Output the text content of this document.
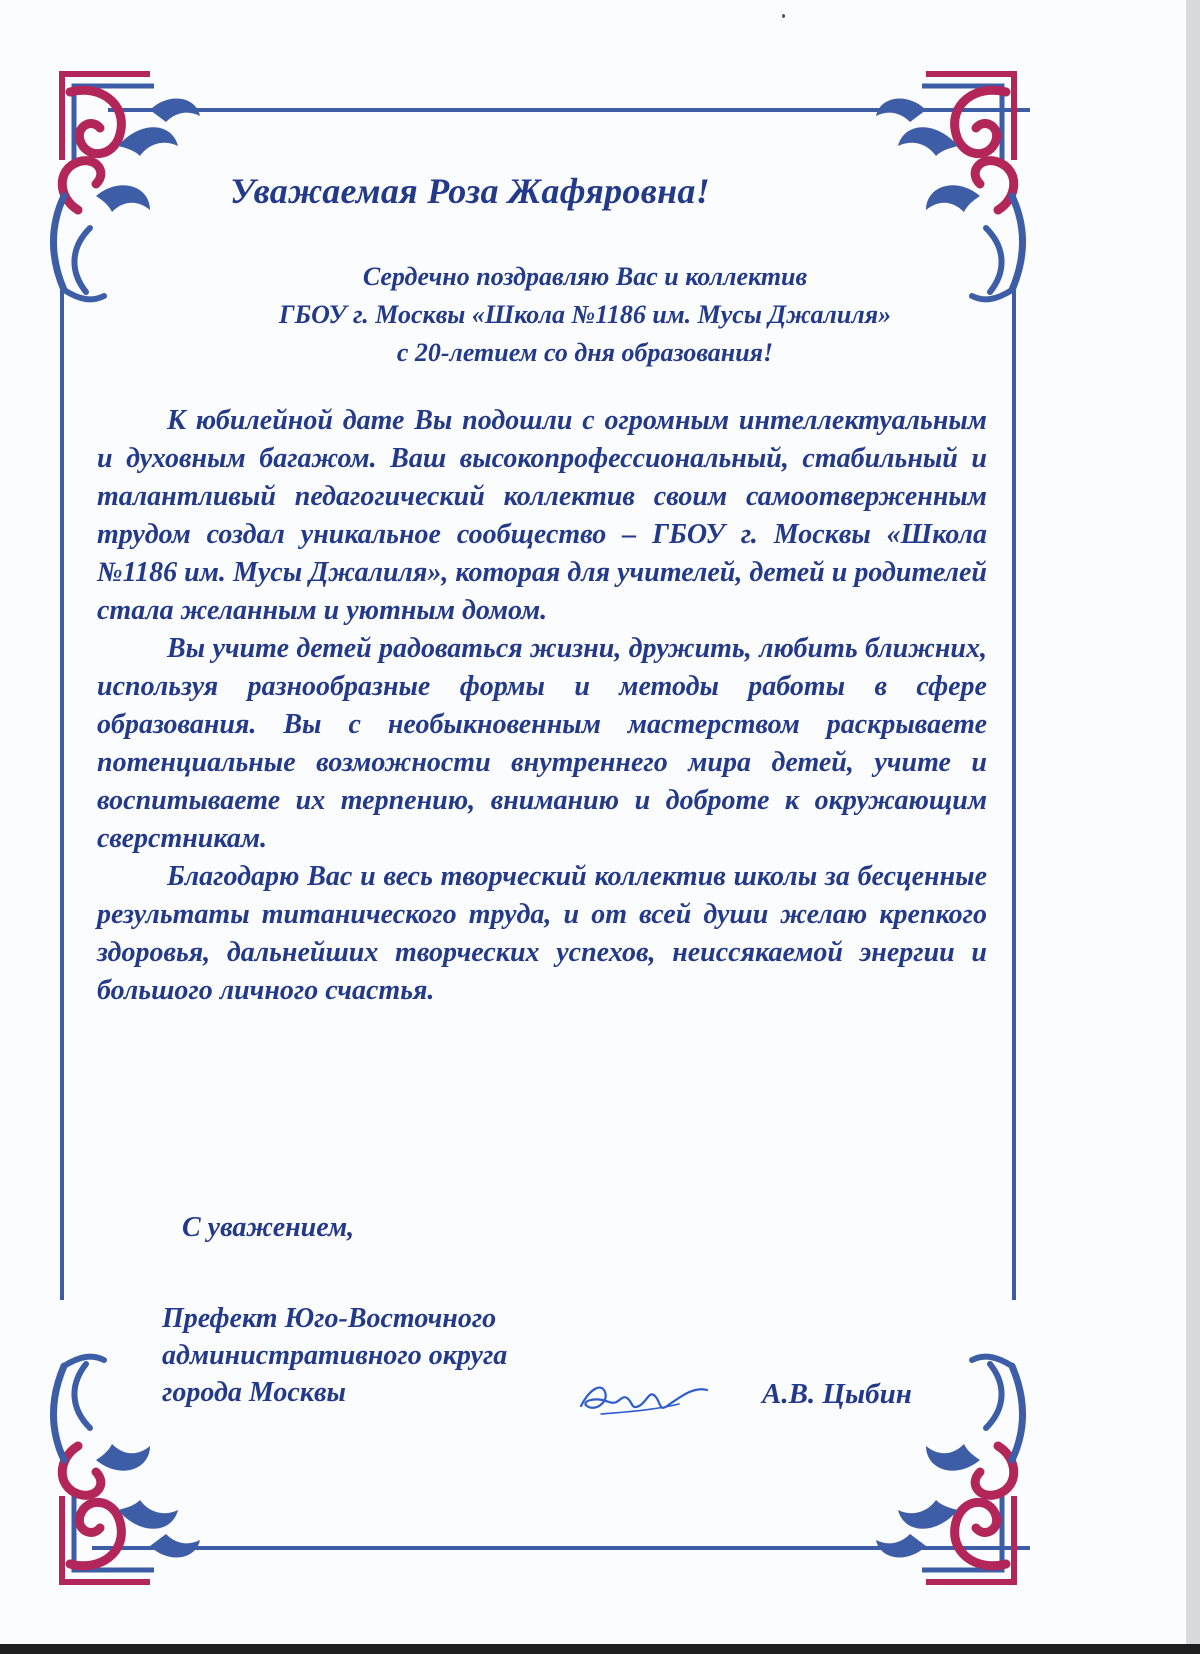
Уважаемая Роза Жафяровна!
Сердечно поздравляю Вас и коллектив
ГБОУ г. Москвы «Школа №1186 им. Мусы Джалиля»
с 20-летием со дня образования!

К юбилейной дате Вы подошли с огромным интеллектуальным и духовным багажом. Ваш высокопрофессиональный, стабильный и талантливый педагогический коллектив своим самоотверженным трудом создал уникальное сообщество – ГБОУ г. Москвы «Школа №1186 им. Мусы Джалиля», которая для учителей, детей и родителей стала желанным и уютным домом.

Вы учите детей радоваться жизни, дружить, любить ближних, используя разнообразные формы и методы работы в сфере образования. Вы с необыкновенным мастерством раскрываете потенциальные возможности внутреннего мира детей, учите и воспитываете их терпению, вниманию и доброте к окружающим сверстникам.

Благодарю Вас и весь творческий коллектив школы за бесценные результаты титанического труда, и от всей души желаю крепкого здоровья, дальнейших творческих успехов, неиссякаемой энергии и большого личного счастья.

С уважением,
Префект Юго-Восточного
административного округа
города Москвы	А.В. Цыбин
